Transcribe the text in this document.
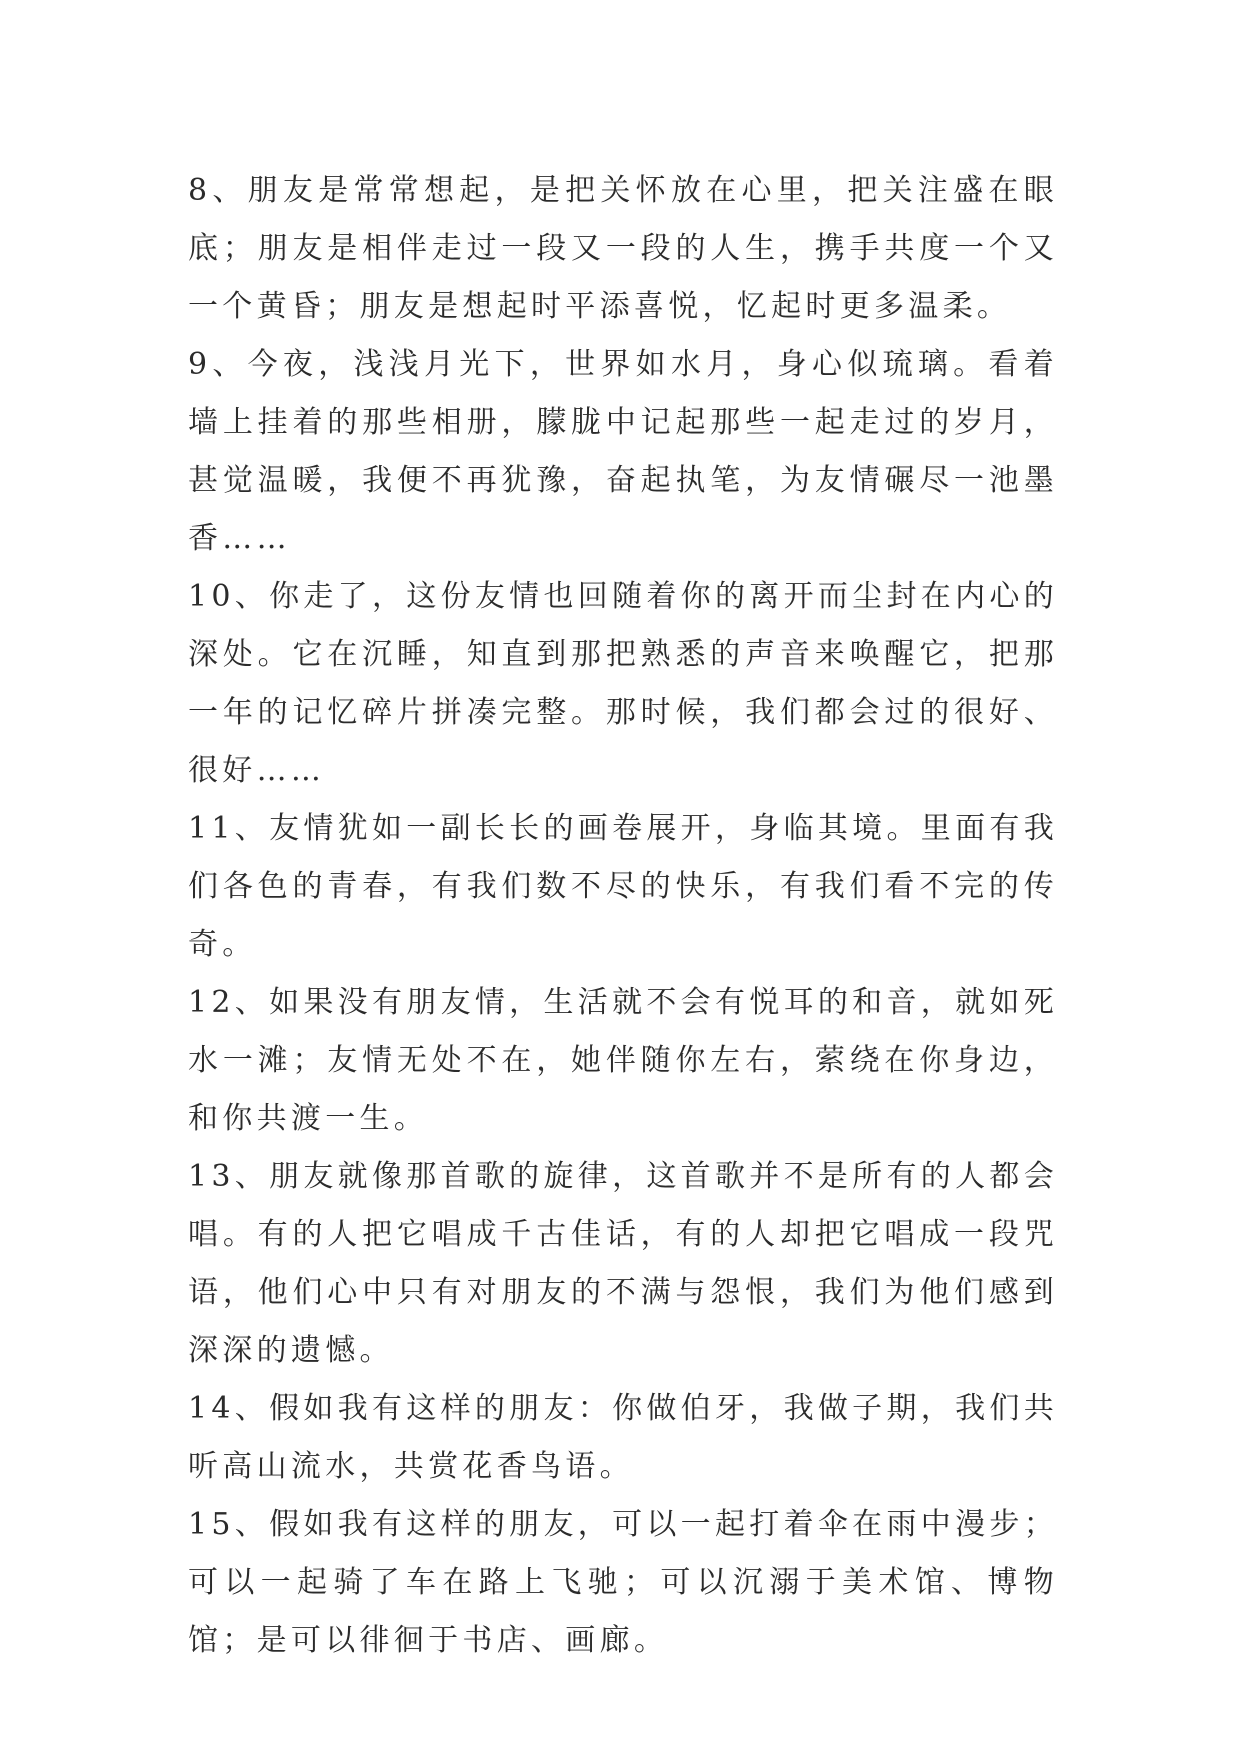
8、朋友是常常想起，是把关怀放在心里，把关注盛在眼底；朋友是相伴走过一段又一段的人生，携手共度一个又一个黄昏；朋友是想起时平添喜悦，忆起时更多温柔。

9、今夜，浅浅月光下，世界如水月，身心似琉璃。看着墙上挂着的那些相册，朦胧中记起那些一起走过的岁月，甚觉温暖，我便不再犹豫，奋起执笔，为友情碾尽一池墨香……

10、你走了，这份友情也回随着你的离开而尘封在内心的深处。它在沉睡，知直到那把熟悉的声音来唤醒它，把那一年的记忆碎片拼凑完整。那时候，我们都会过的很好、很好……

11、友情犹如一副长长的画卷展开，身临其境。里面有我们各色的青春，有我们数不尽的快乐，有我们看不完的传奇。

12、如果没有朋友情，生活就不会有悦耳的和音，就如死水一滩；友情无处不在，她伴随你左右，萦绕在你身边，和你共渡一生。

13、朋友就像那首歌的旋律，这首歌并不是所有的人都会唱。有的人把它唱成千古佳话，有的人却把它唱成一段咒语，他们心中只有对朋友的不满与怨恨，我们为他们感到深深的遗憾。

14、假如我有这样的朋友：你做伯牙，我做子期，我们共听高山流水，共赏花香鸟语。

15、假如我有这样的朋友，可以一起打着伞在雨中漫步；可以一起骑了车在路上飞驰；可以沉溺于美术馆、博物馆；是可以徘徊于书店、画廊。
